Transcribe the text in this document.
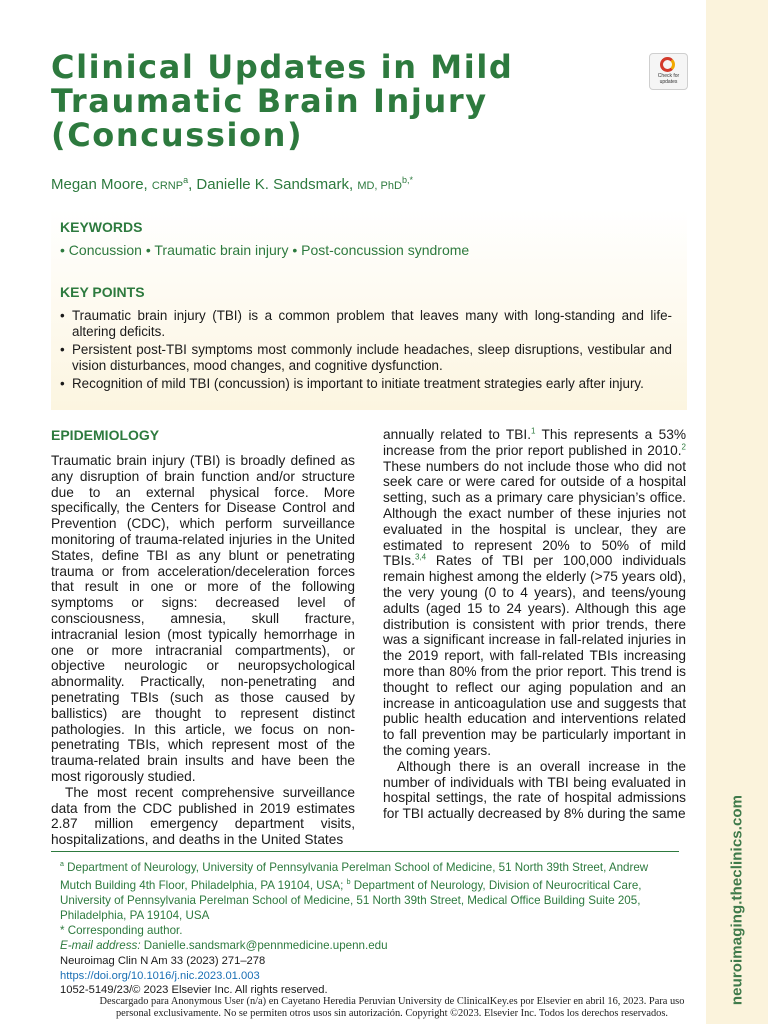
neuroimaging.theclinics.com
Clinical Updates in Mild
Traumatic Brain Injury
(Concussion)
Check for updates
Megan Moore, CRNP$^a$, Danielle K. Sandsmark, MD, PhD$^{b,*}$
KEYWORDS
• Concussion • Traumatic brain injury • Post-concussion syndrome
KEY POINTS
• Traumatic brain injury (TBI) is a common problem that leaves many with long-standing and life-altering deficits.
• Persistent post-TBI symptoms most commonly include headaches, sleep disruptions, vestibular and vision disturbances, mood changes, and cognitive dysfunction.
• Recognition of mild TBI (concussion) is important to initiate treatment strategies early after injury.
EPIDEMIOLOGY

Traumatic brain injury (TBI) is broadly defined as any disruption of brain function and/or structure due to an external physical force. More specifically, the Centers for Disease Control and Prevention (CDC), which perform surveillance monitoring of trauma-related injuries in the United States, define TBI as any blunt or penetrating trauma or from acceleration/deceleration forces that result in one or more of the following symptoms or signs: decreased level of consciousness, amnesia, skull fracture, intracranial lesion (most typically hemorrhage in one or more intracranial compartments), or objective neurologic or neuropsychological abnormality. Practically, non-penetrating and penetrating TBIs (such as those caused by ballistics) are thought to represent distinct pathologies. In this article, we focus on non-penetrating TBIs, which represent most of the trauma-related brain insults and have been the most rigorously studied.

The most recent comprehensive surveillance data from the CDC published in 2019 estimates 2.87 million emergency department visits, hospitalizations, and deaths in the United States

annually related to TBI.$^1$ This represents a 53% increase from the prior report published in 2010.$^2$ These numbers do not include those who did not seek care or were cared for outside of a hospital setting, such as a primary care physician’s office. Although the exact number of these injuries not evaluated in the hospital is unclear, they are estimated to represent 20% to 50% of mild TBIs.$^{3,4}$ Rates of TBI per 100,000 individuals remain highest among the elderly (>75 years old), the very young (0 to 4 years), and teens/young adults (aged 15 to 24 years). Although this age distribution is consistent with prior trends, there was a significant increase in fall-related injuries in the 2019 report, with fall-related TBIs increasing more than 80% from the prior report. This trend is thought to reflect our aging population and an increase in anticoagulation use and suggests that public health education and interventions related to fall prevention may be particularly important in the coming years.

Although there is an overall increase in the number of individuals with TBI being evaluated in hospital settings, the rate of hospital admissions for TBI actually decreased by 8% during the same

$^a$ Department of Neurology, University of Pennsylvania Perelman School of Medicine, 51 North 39th Street, Andrew Mutch Building 4th Floor, Philadelphia, PA 19104, USA; $^b$ Department of Neurology, Division of Neurocritical Care, University of Pennsylvania Perelman School of Medicine, 51 North 39th Street, Medical Office Building Suite 205, Philadelphia, PA 19104, USA

* Corresponding author.

E-mail address: Danielle.sandsmark@pennmedicine.upenn.edu

Neuroimag Clin N Am 33 (2023) 271–278
https://doi.org/10.1016/j.nic.2023.01.003
1052-5149/23/© 2023 Elsevier Inc. All rights reserved.
Descargado para Anonymous User (n/a) en Cayetano Heredia Peruvian University de ClinicalKey.es por Elsevier en abril 16, 2023. Para uso personal exclusivamente. No se permiten otros usos sin autorización. Copyright ©2023. Elsevier Inc. Todos los derechos reservados.
